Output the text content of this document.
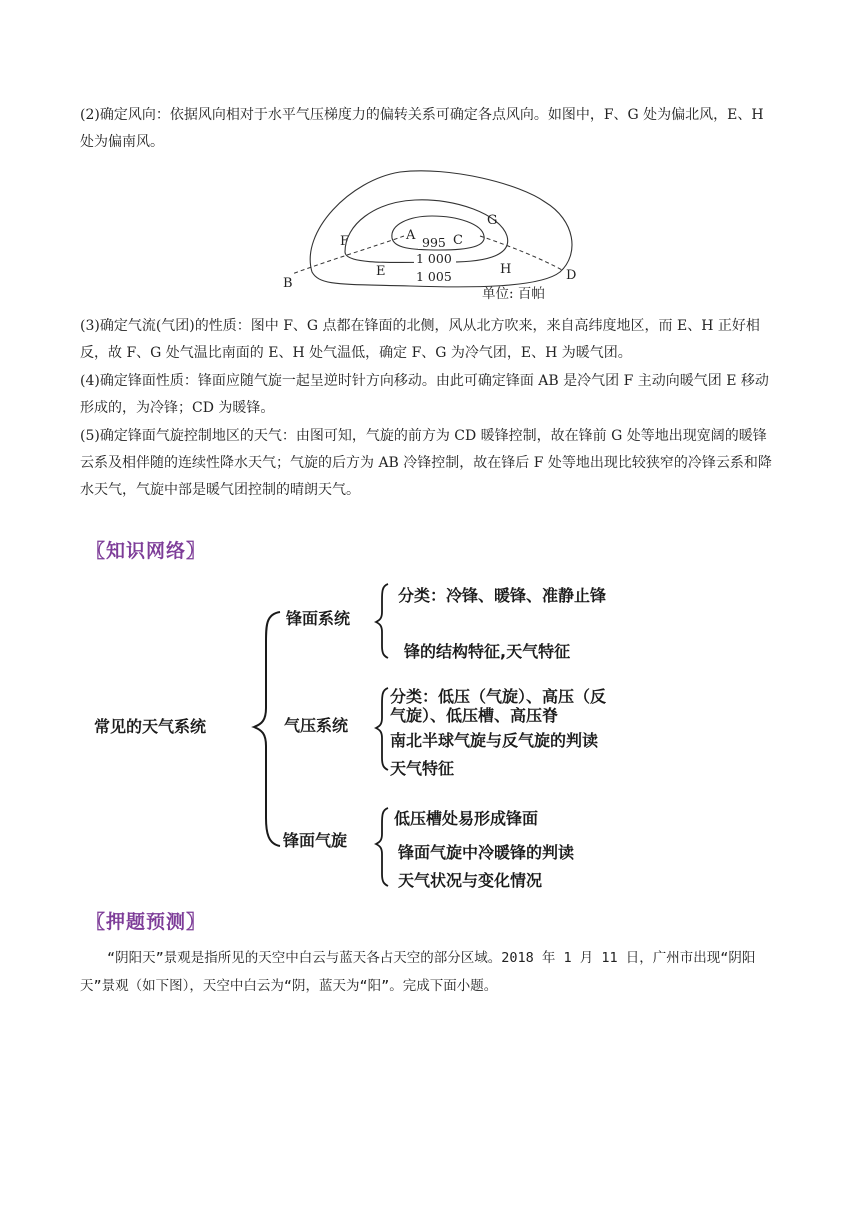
(2)确定风向：依据风向相对于水平气压梯度力的偏转关系可确定各点风向。如图中，F、G 处为偏北风，E、H 处为偏南风。

A	C
F
G
E	H
B
D
995
1 000
1 005
单位: 百帕

(3)确定气流(气团)的性质：图中 F、G 点都在锋面的北侧，风从北方吹来，来自高纬度地区，而 E、H 正好相反，故 F、G 处气温比南面的 E、H 处气温低，确定 F、G 为冷气团，E、H 为暖气团。

(4)确定锋面性质：锋面应随气旋一起呈逆时针方向移动。由此可确定锋面 AB 是冷气团 F 主动向暖气团 E 移动形成的，为冷锋；CD 为暖锋。

(5)确定锋面气旋控制地区的天气：由图可知，气旋的前方为 CD 暖锋控制，故在锋前 G 处等地出现宽阔的暖锋云系及相伴随的连续性降水天气；气旋的后方为 AB 冷锋控制，故在锋后 F 处等地出现比较狭窄的冷锋云系和降水天气，气旋中部是暖气团控制的晴朗天气。

〖知识网络〗
常见的天气系统
锋面系统
气压系统
锋面气旋
分类：冷锋、暖锋、准静止锋
锋的结构特征,天气特征
分类：低压（气旋）、高压（反
气旋）、低压槽、高压脊
南北半球气旋与反气旋的判读
天气特征
低压槽处易形成锋面
锋面气旋中冷暖锋的判读
天气状况与变化情况
〖押题预测〗

“阴阳天”景观是指所见的天空中白云与蓝天各占天空的部分区域。2018 年 1 月 11 日，广州市出现“阴阳天”景观（如下图），天空中白云为“阴，蓝天为“阳”。完成下面小题。
